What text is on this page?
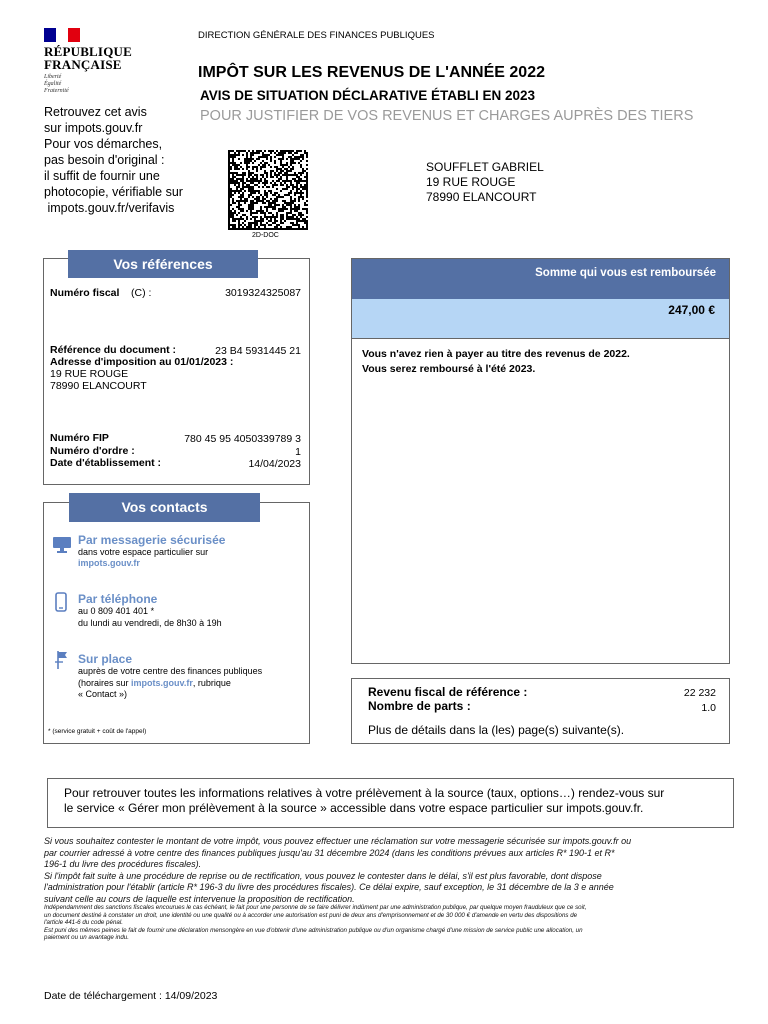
RÉPUBLIQUE
FRANÇAISE
Liberté
Égalité
Fraternité
DIRECTION GÉNÉRALE DES FINANCES PUBLIQUES
IMPÔT SUR LES REVENUS DE L'ANNÉE 2022
AVIS DE SITUATION DÉCLARATIVE ÉTABLI EN 2023
POUR JUSTIFIER DE VOS REVENUS ET CHARGES AUPRÈS DES TIERS
Retrouvez cet avis
sur impots.gouv.fr
Pour vos démarches,
pas besoin d'original :
il suffit de fournir une
photocopie, vérifiable sur
impots.gouv.fr/verifavis
2D-DOC
SOUFFLET GABRIEL
19 RUE ROUGE
78990 ELANCOURT
Vos références
Numéro fiscal (C) :	3019324325087
Référence du document :	23 B4 5931445 21
Adresse d'imposition au 01/01/2023 :
19 RUE ROUGE
78990 ELANCOURT
Numéro FIP	780 45 95 4050339789 3
Numéro d'ordre :	1
Date d'établissement :	14/04/2023
Vos contacts
Par messagerie sécurisée
dans votre espace particulier sur
impots.gouv.fr
Par téléphone
au 0 809 401 401 *
du lundi au vendredi, de 8h30 à 19h
Sur place
auprès de votre centre des finances publiques
(horaires sur impots.gouv.fr, rubrique
« Contact »)
* (service gratuit + coût de l'appel)
Somme qui vous est remboursée
247,00 €
Vous n'avez rien à payer au titre des revenus de 2022.
Vous serez remboursé à l'été 2023.
Revenu fiscal de référence :	22 232
Nombre de parts :	1.0
Plus de détails dans la (les) page(s) suivante(s).
Pour retrouver toutes les informations relatives à votre prélèvement à la source (taux, options…) rendez-vous sur
le service « Gérer mon prélèvement à la source » accessible dans votre espace particulier sur impots.gouv.fr.
Si vous souhaitez contester le montant de votre impôt, vous pouvez effectuer une réclamation sur votre messagerie sécurisée sur impots.gouv.fr ou
par courrier adressé à votre centre des finances publiques jusqu'au 31 décembre 2024 (dans les conditions prévues aux articles R* 190-1 et R*
196-1 du livre des procédures fiscales).
Si l'impôt fait suite à une procédure de reprise ou de rectification, vous pouvez le contester dans le délai, s'il est plus favorable, dont dispose
l'administration pour l'établir (article R* 196-3 du livre des procédures fiscales). Ce délai expire, sauf exception, le 31 décembre de la 3 e année
suivant celle au cours de laquelle est intervenue la proposition de rectification.
Indépendamment des sanctions fiscales encourues le cas échéant, le fait pour une personne de se faire délivrer indûment par une administration publique, par quelque moyen frauduleux que ce soit,
un document destiné à constater un droit, une identité ou une qualité ou à accorder une autorisation est puni de deux ans d'emprisonnement et de 30 000 € d'amende en vertu des dispositions de
l'article 441-6 du code pénal.
Est puni des mêmes peines le fait de fournir une déclaration mensongère en vue d'obtenir d'une administration publique ou d'un organisme chargé d'une mission de service public une allocation, un
paiement ou un avantage indu.
Date de téléchargement : 14/09/2023
